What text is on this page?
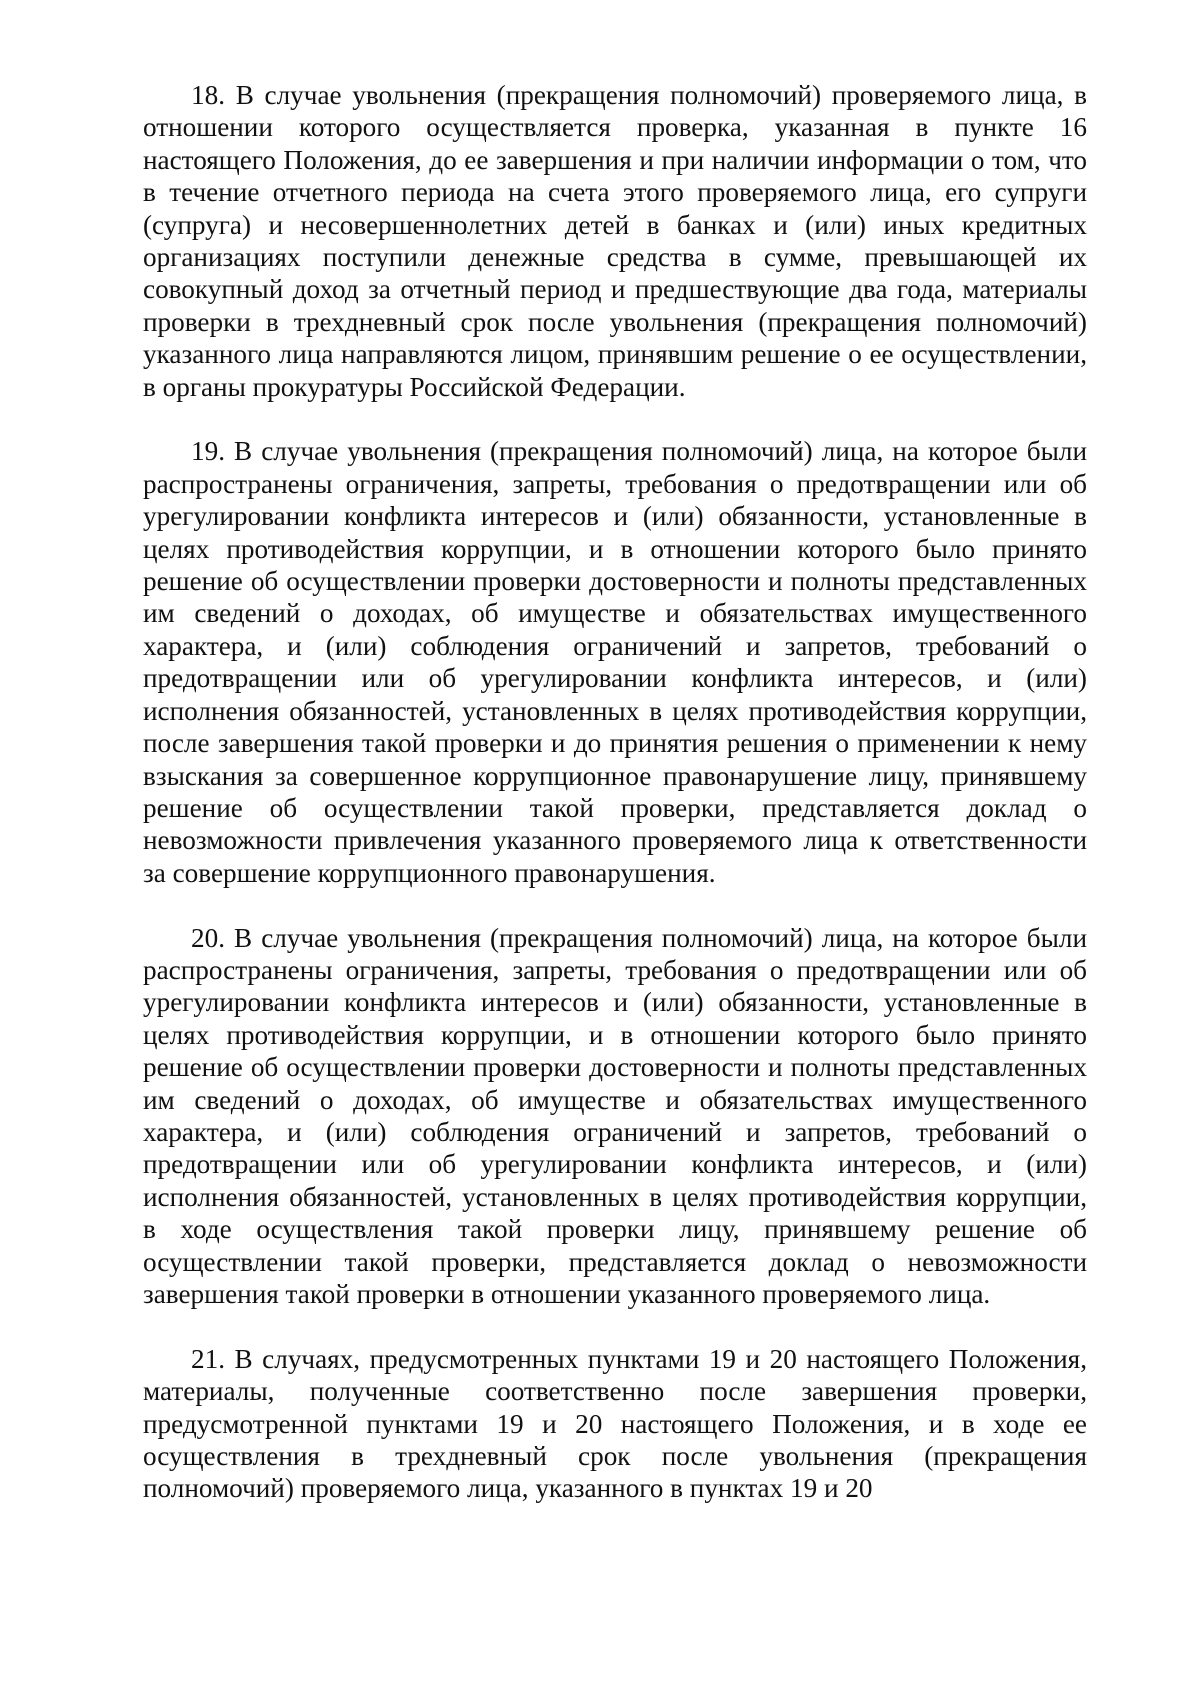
18. В случае увольнения (прекращения полномочий) проверяемого лица, в отношении которого осуществляется проверка, указанная в пункте 16 настоящего Положения, до ее завершения и при наличии информации о том, что в течение отчетного периода на счета этого проверяемого лица, его супруги (супруга) и несовершеннолетних детей в банках и (или) иных кредитных организациях поступили денежные средства в сумме, превышающей их совокупный доход за отчетный период и предшествующие два года, материалы проверки в трехдневный срок после увольнения (прекращения полномочий) указанного лица направляются лицом, принявшим решение о ее осуществлении, в органы прокуратуры Российской Федерации.

19. В случае увольнения (прекращения полномочий) лица, на которое были распространены ограничения, запреты, требования о предотвращении или об урегулировании конфликта интересов и (или) обязанности, установленные в целях противодействия коррупции, и в отношении которого было принято решение об осуществлении проверки достоверности и полноты представленных им сведений о доходах, об имуществе и обязательствах имущественного характера, и (или) соблюдения ограничений и запретов, требований о предотвращении или об урегулировании конфликта интересов, и (или) исполнения обязанностей, установленных в целях противодействия коррупции, после завершения такой проверки и до принятия решения о применении к нему взыскания за совершенное коррупционное правонарушение лицу, принявшему решение об осуществлении такой проверки, представляется доклад о невозможности привлечения указанного проверяемого лица к ответственности за совершение коррупционного правонарушения.

20. В случае увольнения (прекращения полномочий) лица, на которое были распространены ограничения, запреты, требования о предотвращении или об урегулировании конфликта интересов и (или) обязанности, установленные в целях противодействия коррупции, и в отношении которого было принято решение об осуществлении проверки достоверности и полноты представленных им сведений о доходах, об имуществе и обязательствах имущественного характера, и (или) соблюдения ограничений и запретов, требований о предотвращении или об урегулировании конфликта интересов, и (или) исполнения обязанностей, установленных в целях противодействия коррупции, в ходе осуществления такой проверки лицу, принявшему решение об осуществлении такой проверки, представляется доклад о невозможности завершения такой проверки в отношении указанного проверяемого лица.

21. В случаях, предусмотренных пунктами 19 и 20 настоящего Положения, материалы, полученные соответственно после завершения проверки, предусмотренной пунктами 19 и 20 настоящего Положения, и в ходе ее осуществления в трехдневный срок после увольнения (прекращения полномочий) проверяемого лица, указанного в пунктах 19 и 20
